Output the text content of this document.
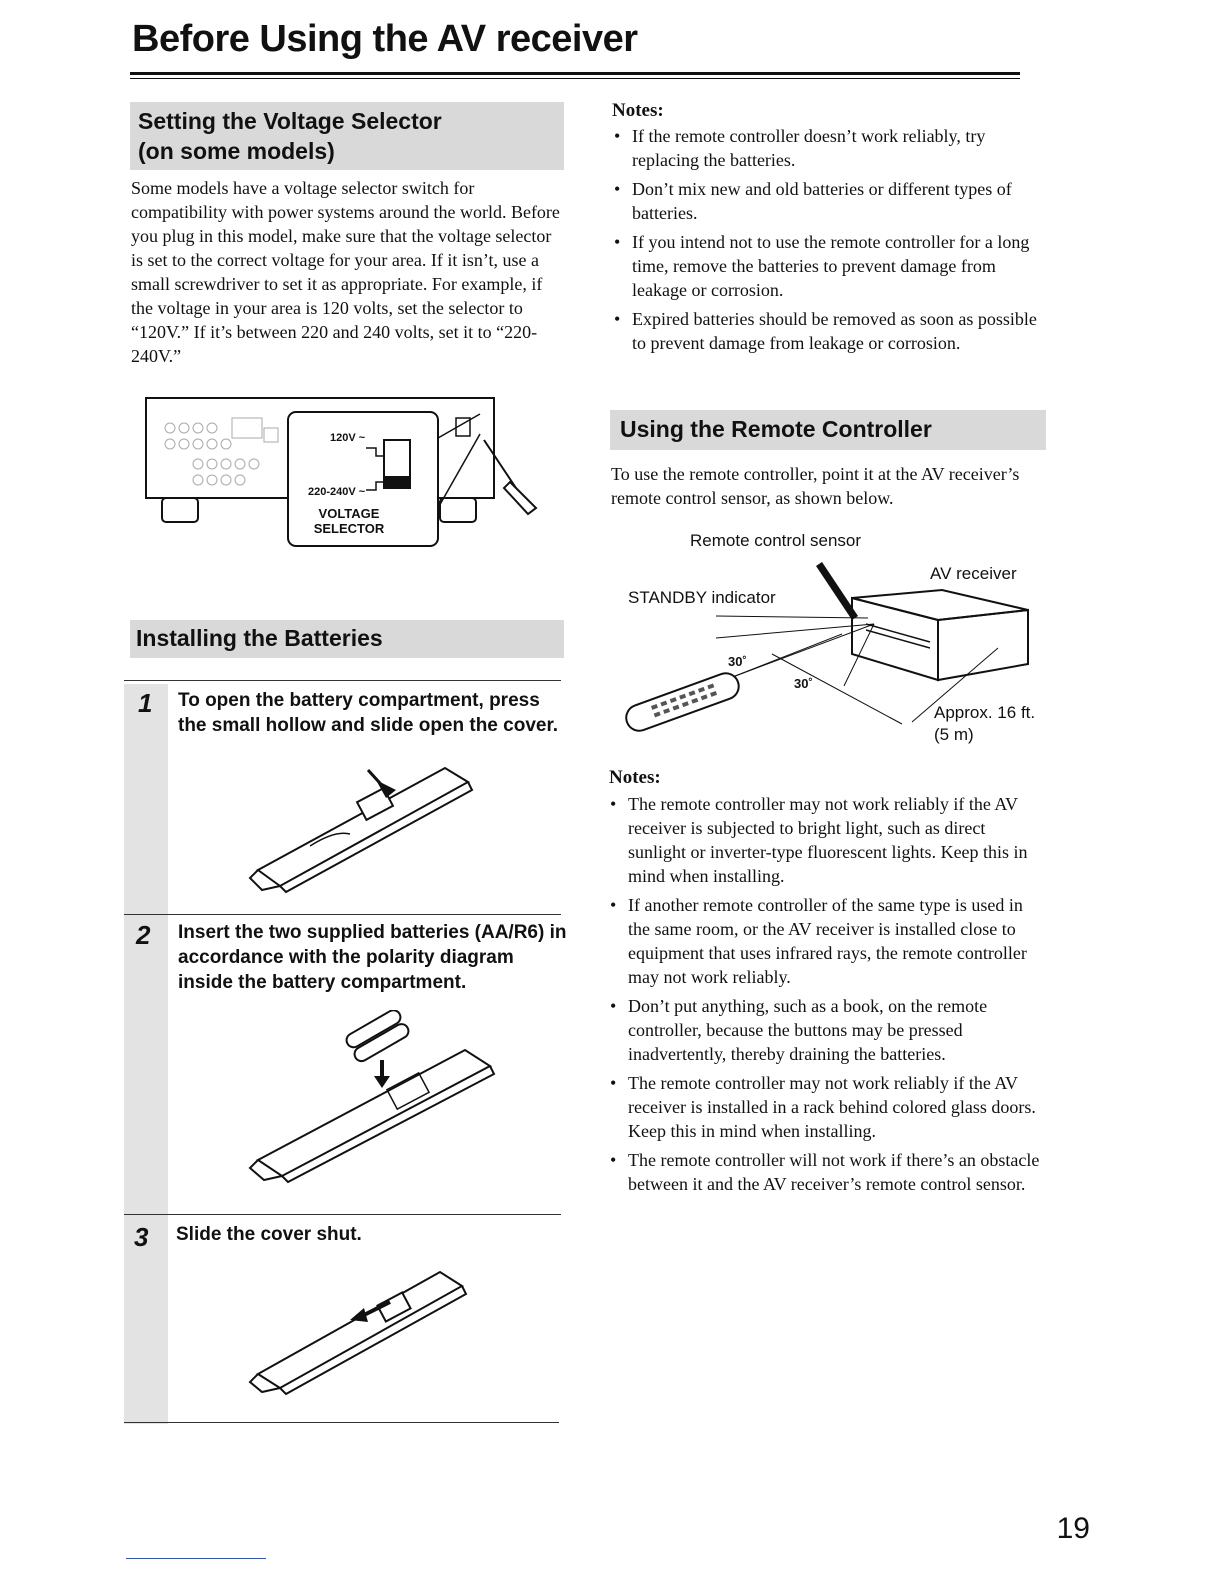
Before Using the AV receiver
Setting the Voltage Selector
(on some models)
Some models have a voltage selector switch for compatibility with power systems around the world. Before you plug in this model, make sure that the voltage selector is set to the correct voltage for your area. If it isn’t, use a small screwdriver to set it as appropriate. For example, if the voltage in your area is 120 volts, set the selector to “120V.” If it’s between 220 and 240 volts, set it to “220-240V.”
120V ~
220-240V ~
VOLTAGE
SELECTOR
Installing the Batteries
1 To open the battery compartment, press the small hollow and slide open the cover.
2 Insert the two supplied batteries (AA/R6) in accordance with the polarity diagram inside the battery compartment.
3 Slide the cover shut.
Notes:
• If the remote controller doesn’t work reliably, try replacing the batteries.
• Don’t mix new and old batteries or different types of batteries.
• If you intend not to use the remote controller for a long time, remove the batteries to prevent damage from leakage or corrosion.
• Expired batteries should be removed as soon as possible to prevent damage from leakage or corrosion.
Using the Remote Controller
To use the remote controller, point it at the AV receiver’s remote control sensor, as shown below.
Remote control sensor
AV receiver
STANDBY indicator
30˚
30˚
Approx. 16 ft.
(5 m)
Notes:
• The remote controller may not work reliably if the AV receiver is subjected to bright light, such as direct sunlight or inverter-type fluorescent lights. Keep this in mind when installing.
• If another remote controller of the same type is used in the same room, or the AV receiver is installed close to equipment that uses infrared rays, the remote controller may not work reliably.
• Don’t put anything, such as a book, on the remote controller, because the buttons may be pressed inadvertently, thereby draining the batteries.
• The remote controller may not work reliably if the AV receiver is installed in a rack behind colored glass doors. Keep this in mind when installing.
• The remote controller will not work if there’s an obstacle between it and the AV receiver’s remote control sensor.
19
